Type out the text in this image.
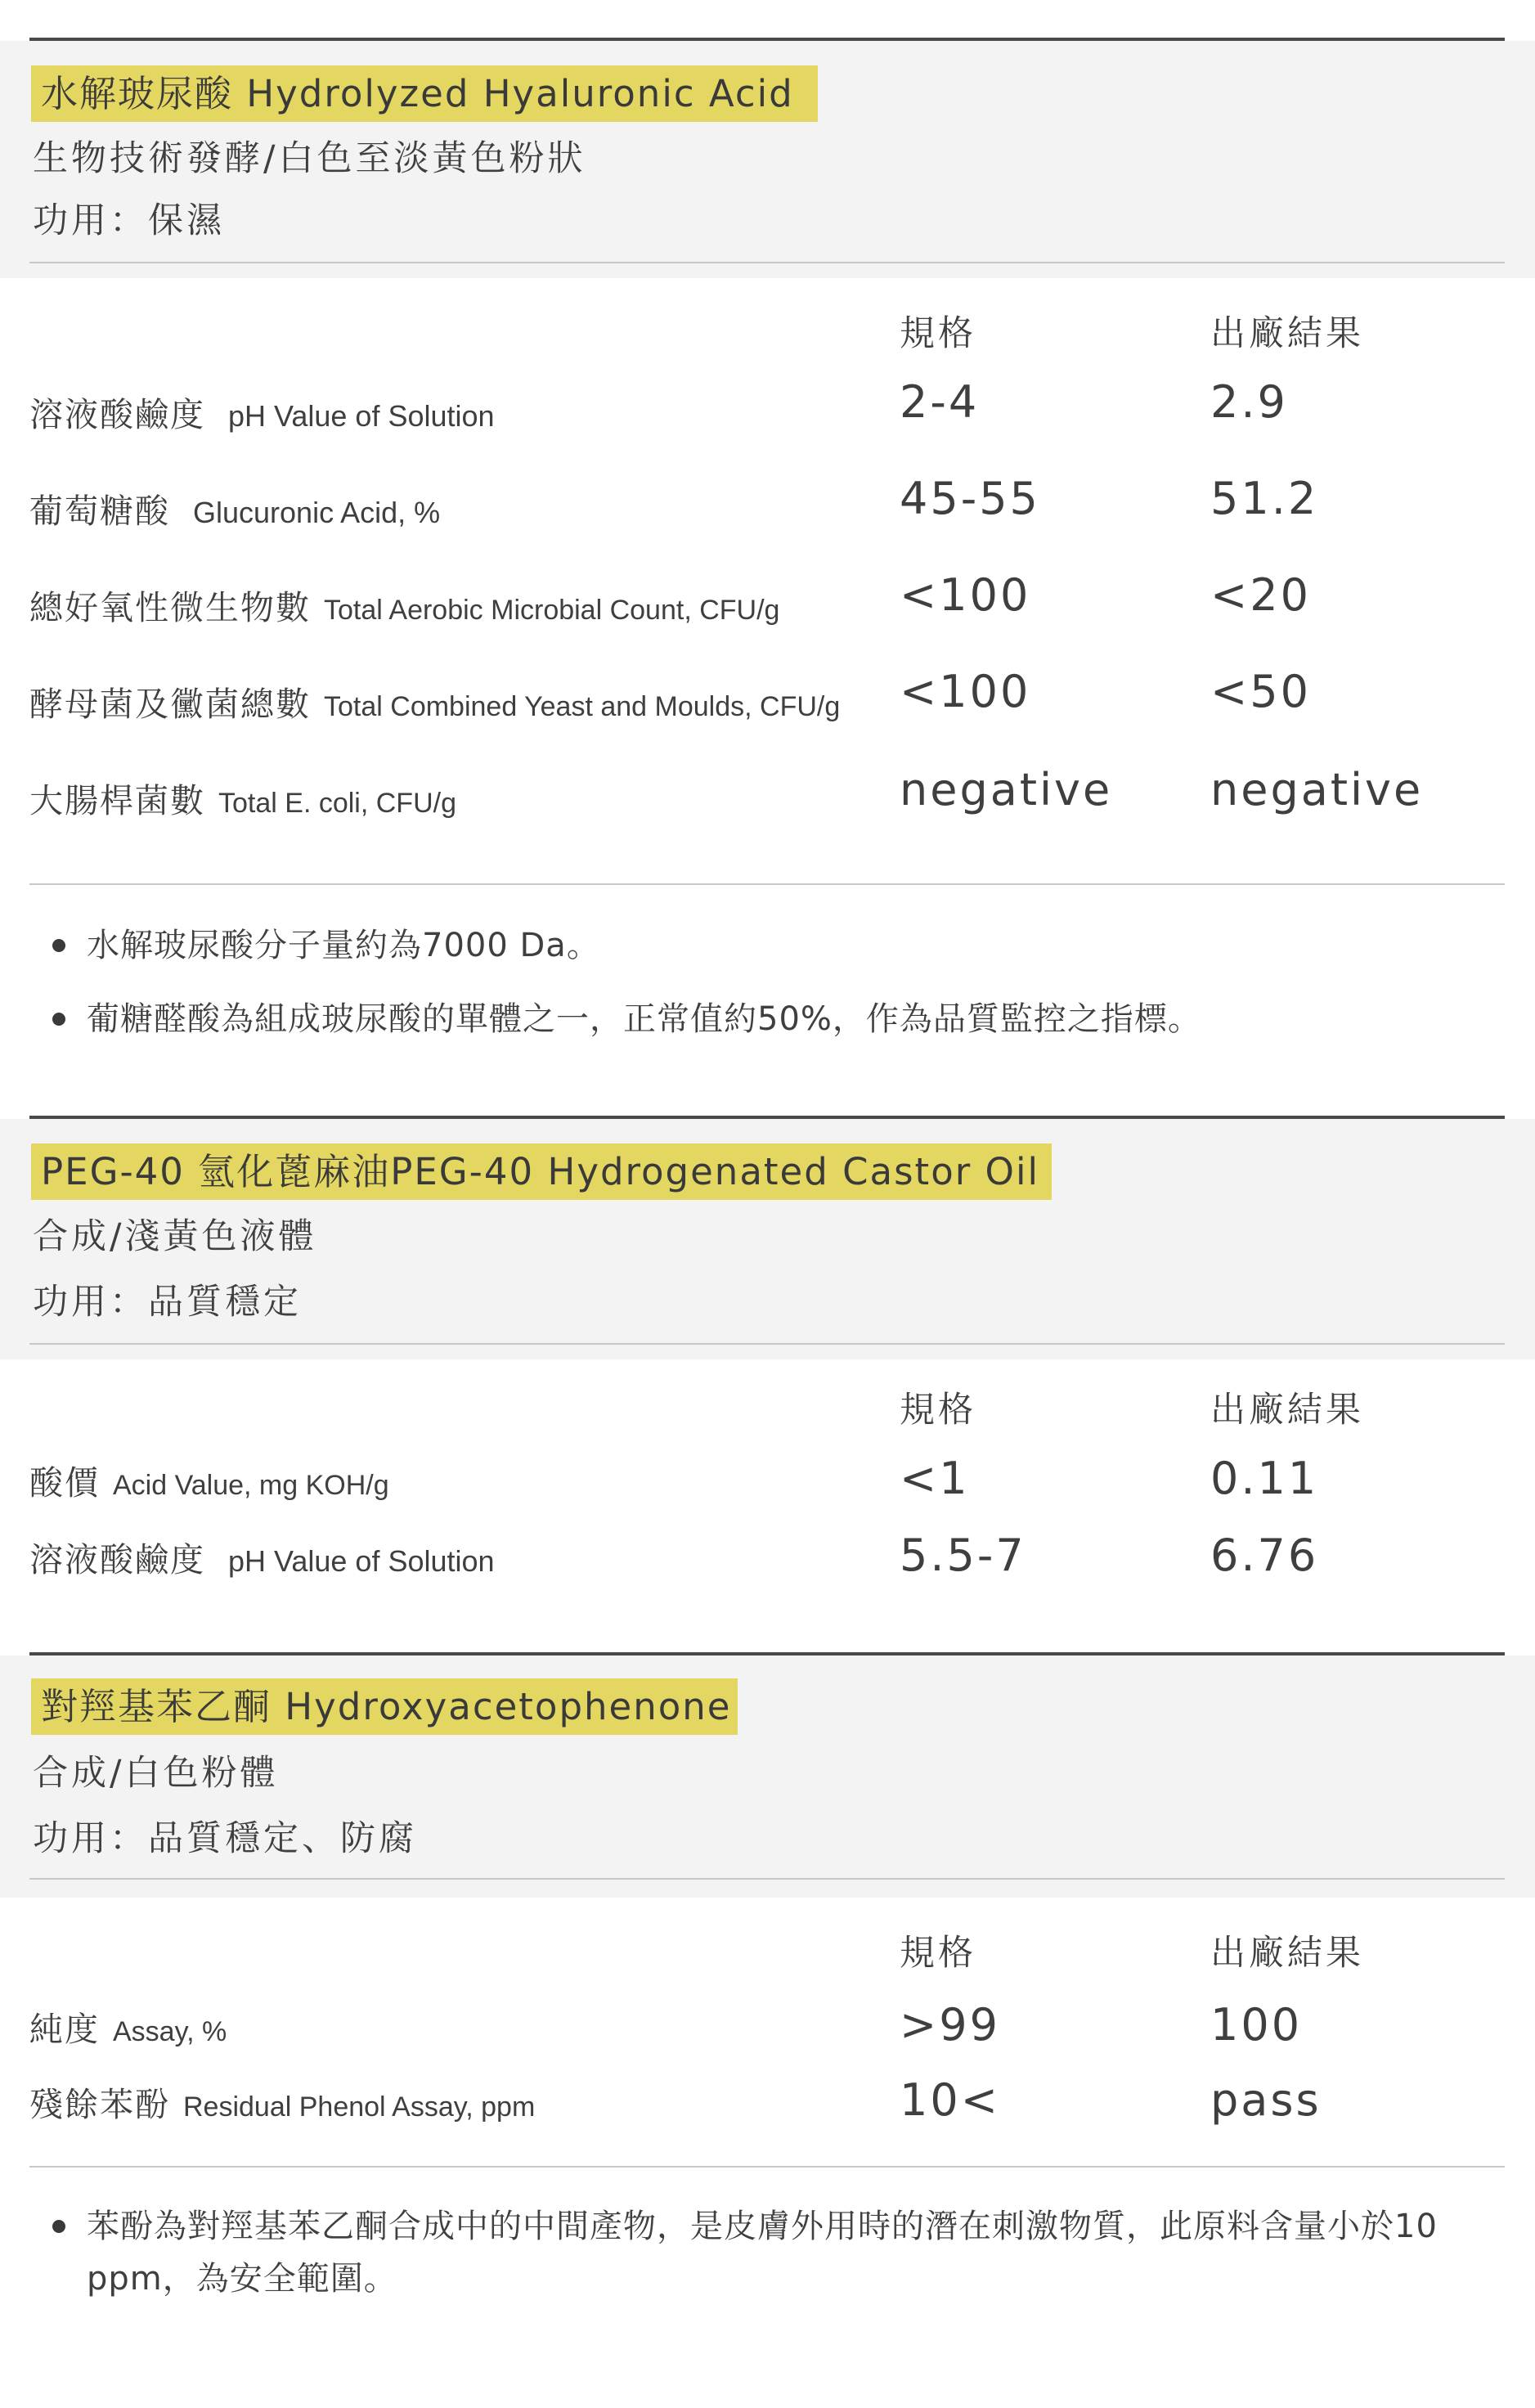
水解玻尿酸 Hydrolyzed Hyaluronic Acid
生物技術發酵/白色至淡黃色粉狀
功用：保濕
規格	出廠結果
溶液酸鹼度 pH Value of Solution	2-4	2.9
葡萄糖酸 Glucuronic Acid, %	45-55	51.2
總好氧性微生物數 Total Aerobic Microbial Count, CFU/g	<100	<20
酵母菌及黴菌總數 Total Combined Yeast and Moulds, CFU/g <100	<50
大腸桿菌數 Total E. coli, CFU/g	negative negative
水解玻尿酸分子量約為7000 Da。
葡糖醛酸為組成玻尿酸的單體之一，正常值約50%，作為品質監控之指標。
PEG-40 氫化蓖麻油PEG-40 Hydrogenated Castor Oil
合成/淺黃色液體
功用：品質穩定
規格	出廠結果
酸價 Acid Value, mg KOH/g	<1	0.11
溶液酸鹼度 pH Value of Solution	5.5-7	6.76
對羥基苯乙酮 Hydroxyacetophenone
合成/白色粉體
功用：品質穩定、防腐
規格	出廠結果
純度 Assay, %	>99	100
殘餘苯酚 Residual Phenol Assay, ppm	10<	pass
苯酚為對羥基苯乙酮合成中的中間產物，是皮膚外用時的潛在刺激物質，此原料含量小於10 ppm，為安全範圍。
